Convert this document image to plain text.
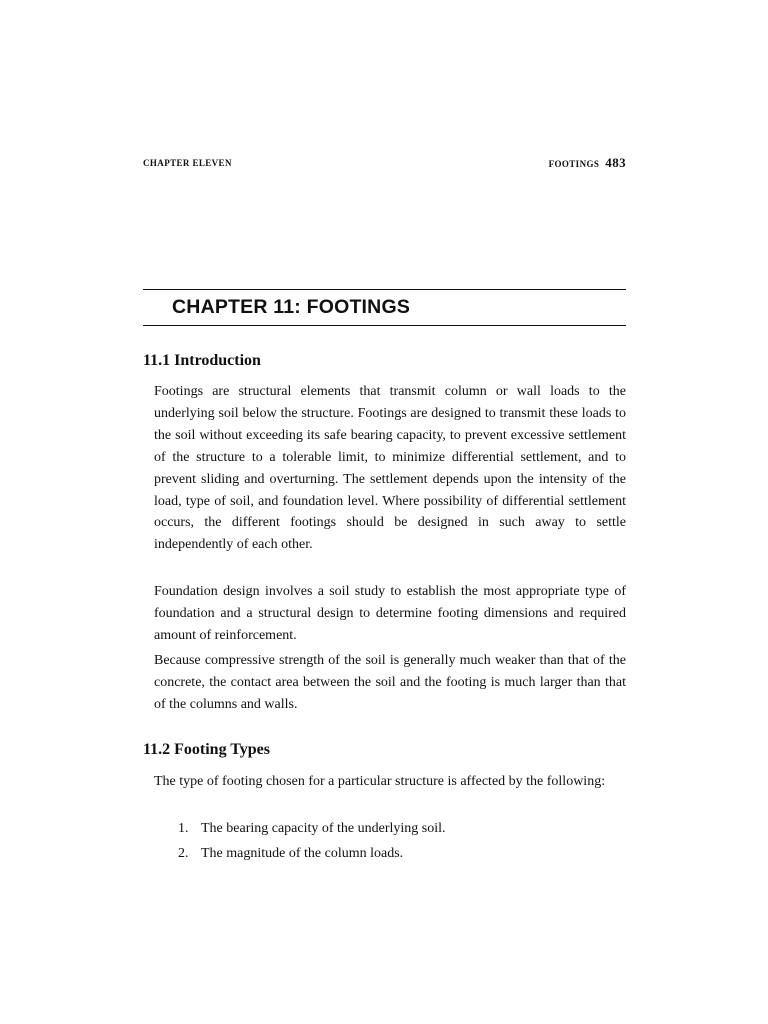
CHAPTER ELEVEN	FOOTINGS 483
CHAPTER 11: FOOTINGS
11.1 Introduction

Footings are structural elements that transmit column or wall loads to the underlying soil below the structure. Footings are designed to transmit these loads to the soil without exceeding its safe bearing capacity, to prevent excessive settlement of the structure to a tolerable limit, to minimize differential settlement, and to prevent sliding and overturning. The settlement depends upon the intensity of the load, type of soil, and foundation level. Where possibility of differential settlement occurs, the different footings should be designed in such away to settle independently of each other.

Foundation design involves a soil study to establish the most appropriate type of foundation and a structural design to determine footing dimensions and required amount of reinforcement.

Because compressive strength of the soil is generally much weaker than that of the concrete, the contact area between the soil and the footing is much larger than that of the columns and walls.

11.2 Footing Types

The type of footing chosen for a particular structure is affected by the following:

1. The bearing capacity of the underlying soil.
2. The magnitude of the column loads.
